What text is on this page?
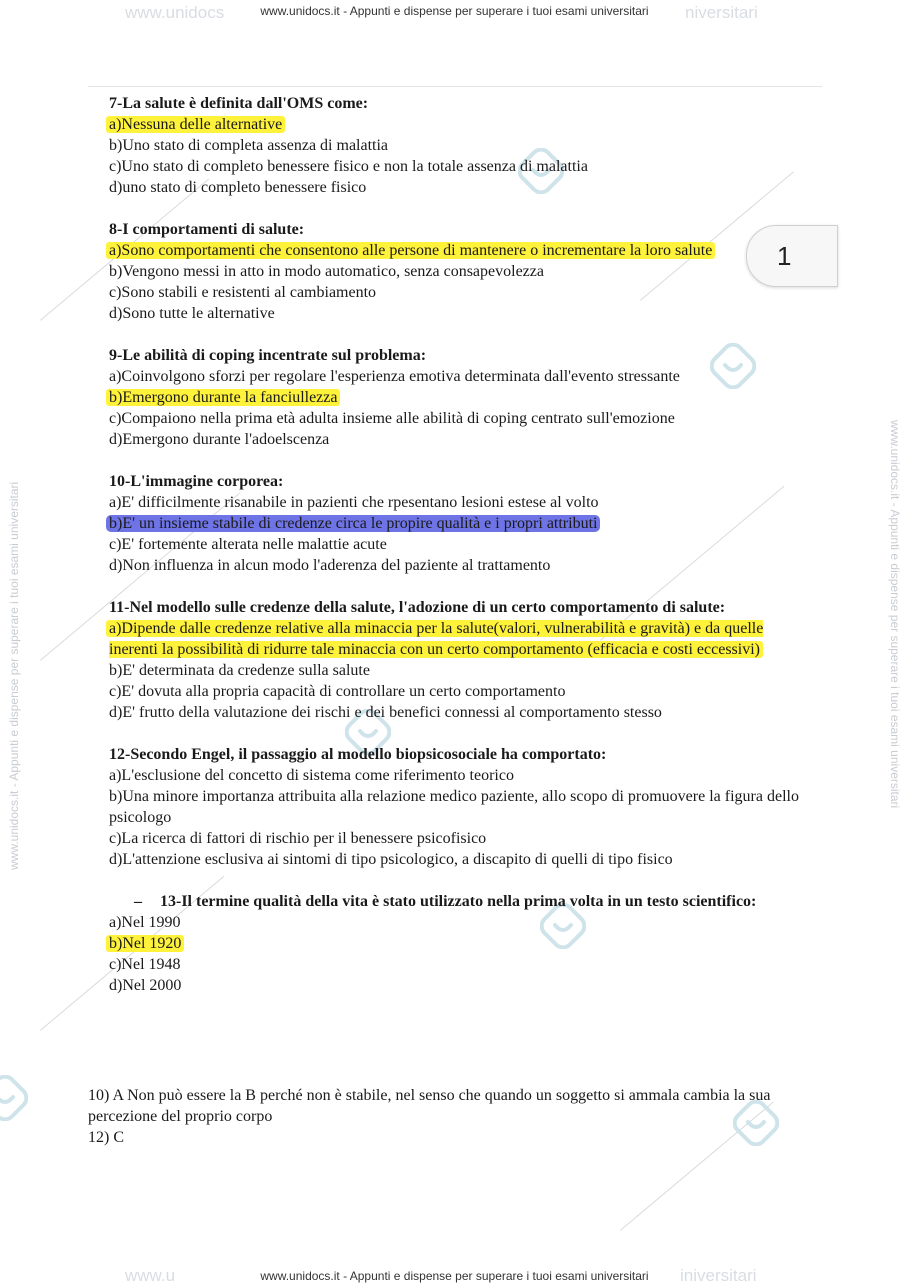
www.unidocs	niversitari
www.u	iniversitari
www.unidocs.it - Appunti e dispense per superare i tuoi esami universitari
www.unidocs.it - Appunti e dispense per superare i tuoi esami universitari
www.unidocs.it - Appunti e dispense per superare i tuoi esami universitari	www.unidocs.it - Appunti e dispense per superare i tuoi esami universitari
7-La salute è definita dall'OMS come:
a)Nessuna delle alternative
b)Uno stato di completa assenza di malattia
c)Uno stato di completo benessere fisico e non la totale assenza di malattia
d)uno stato di completo benessere fisico
8-I comportamenti di salute:
a)Sono comportamenti che consentono alle persone di mantenere o incrementare la loro salute
b)Vengono messi in atto in modo automatico, senza consapevolezza
c)Sono stabili e resistenti al cambiamento
d)Sono tutte le alternative
9-Le abilità di coping incentrate sul problema:
a)Coinvolgono sforzi per regolare l'esperienza emotiva determinata dall'evento stressante
b)Emergono durante la fanciullezza
c)Compaiono nella prima età adulta insieme alle abilità di coping centrato sull'emozione
d)Emergono durante l'adoelscenza
10-L'immagine corporea:
a)E' difficilmente risanabile in pazienti che rpesentano lesioni estese al volto
b)E' un insieme stabile di credenze circa le propire qualità e i propri attributi
c)E' fortemente alterata nelle malattie acute
d)Non influenza in alcun modo l'aderenza del paziente al trattamento
11-Nel modello sulle credenze della salute, l'adozione di un certo comportamento di salute:
a)Dipende dalle credenze relative alla minaccia per la salute(valori, vulnerabilità e gravità) e da quelle inerenti la possibilità di ridurre tale minaccia con un certo comportamento (efficacia e costi eccessivi)
b)E' determinata da credenze sulla salute
c)E' dovuta alla propria capacità di controllare un certo comportamento
d)E' frutto della valutazione dei rischi e dei benefici connessi al comportamento stesso
12-Secondo Engel, il passaggio al modello biopsicosociale ha comportato:
a)L'esclusione del concetto di sistema come riferimento teorico
b)Una minore importanza attribuita alla relazione medico paziente, allo scopo di promuovere la figura dello psicologo
c)La ricerca di fattori di rischio per il benessere psicofisico
d)L'attenzione esclusiva ai sintomi di tipo psicologico, a discapito di quelli di tipo fisico
– 13-Il termine qualità della vita è stato utilizzato nella prima volta in un testo scientifico:
a)Nel 1990
b)Nel 1920
c)Nel 1948
d)Nel 2000
10) A Non può essere la B perché non è stabile, nel senso che quando un soggetto si ammala cambia la sua percezione del proprio corpo
12) C
1
